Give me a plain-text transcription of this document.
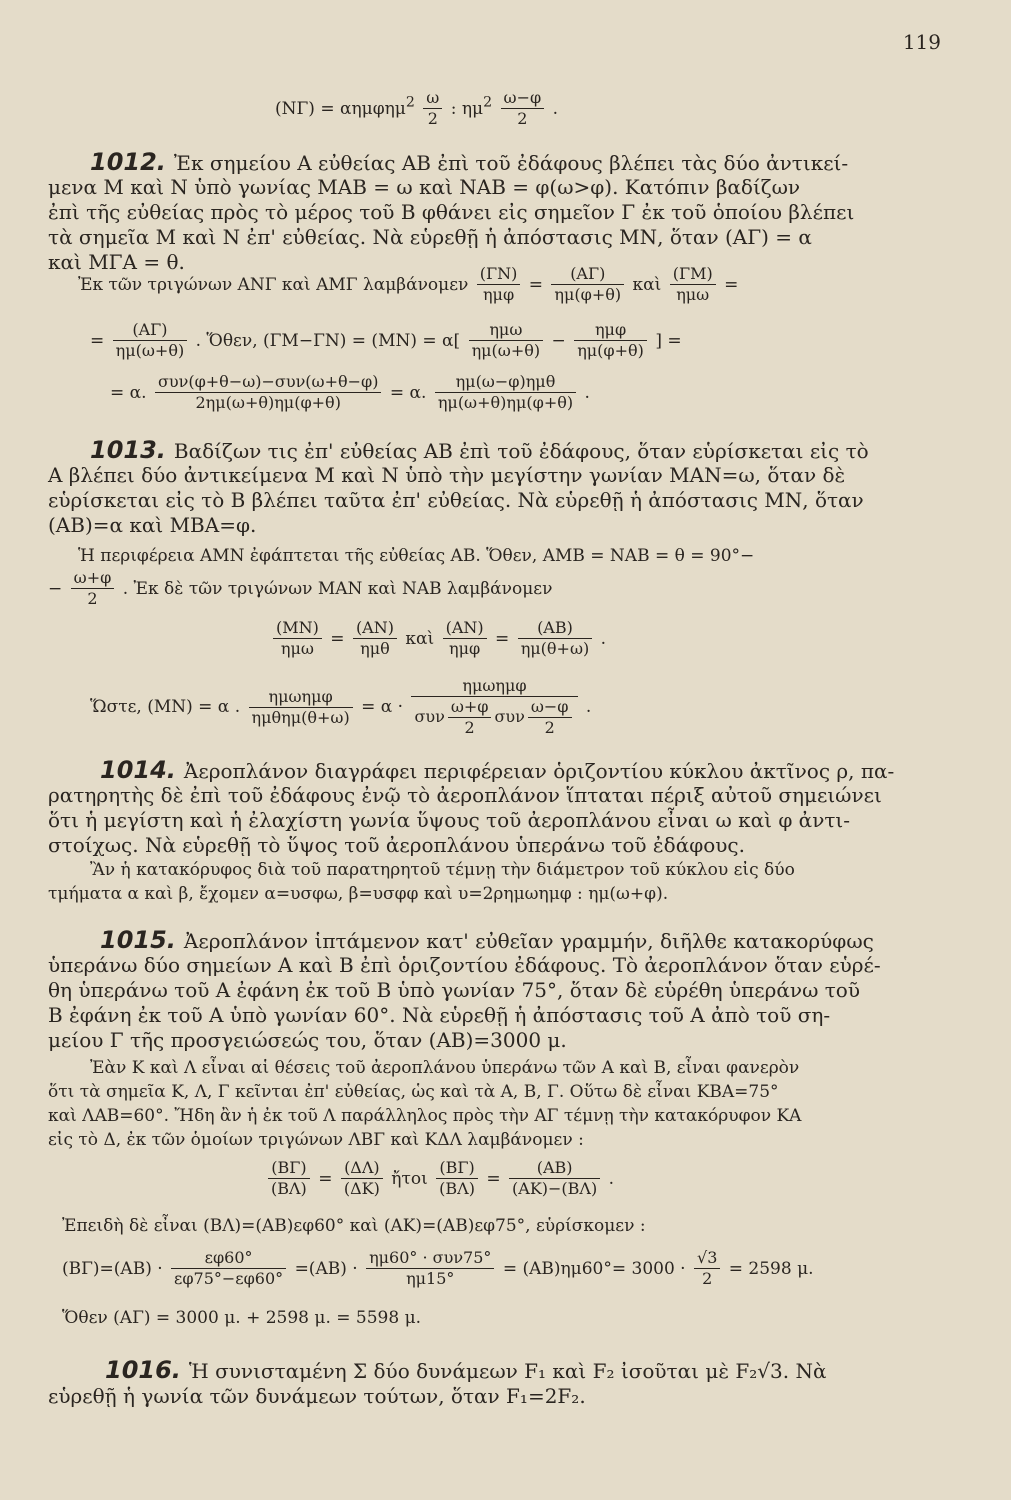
119
$(N\Gamma) = \alpha\eta\mu\varphi\eta\mu^2 \frac{\omega}{2}$ : $\eta\mu^2 \frac{\omega-\varphi}{2}$ .
1012. Ἐκ σημείου Α εὐθείας ΑΒ ἐπὶ τοῦ ἐδάφους βλέπει τὰς δύο ἀντικεί-
μενα Μ καὶ Ν ὑπὸ γωνίας ΜΑΒ = ω καὶ ΝΑΒ = φ(ω>φ). Κατόπιν βαδίζων
ἐπὶ τῆς εὐθείας πρὸς τὸ μέρος τοῦ Β φθάνει εἰς σημεῖον Γ ἐκ τοῦ ὁποίου βλέπει
τὰ σημεῖα Μ καὶ Ν ἐπ' εὐθείας. Νὰ εὑρεθῇ ἡ ἀπόστασις ΜΝ, ὅταν (ΑΓ) = α
καὶ ΜΓΑ = θ.
Ἐκ τῶν τριγώνων ΑΝΓ καὶ ΑΜΓ λαμβάνομεν $\frac{(\Gamma N)}{\text{ημφ}} = \frac{(A\Gamma)}{\eta\mu(\varphi+\theta)}$ καὶ $\frac{(\Gamma M)}{\text{ημω}}$ =
= $\frac{(A\Gamma)}{\eta\mu(\omega+\theta)}$ . Ὅθεν, $(\Gamma M-\Gamma N) = (MN) = \alpha[ \frac{\text{ημω}}{\eta\mu(\omega+\theta)} - \frac{\text{ημφ}}{\eta\mu(\varphi+\theta)}$ ] =
= α. $\frac{\text{συν(φ+θ−ω)−συν(ω+θ−φ)}}{2\eta\mu(\omega+\theta)\eta\mu(\varphi+\theta)} = \alpha$. $\frac{\text{ημ(ω−φ)ημθ}}{\eta\mu(\omega+\theta)\eta\mu(\varphi+\theta)}$ .
1013. Βαδίζων τις ἐπ' εὐθείας ΑΒ ἐπὶ τοῦ ἐδάφους, ὅταν εὑρίσκεται εἰς τὸ
Α βλέπει δύο ἀντικείμενα Μ καὶ Ν ὑπὸ τὴν μεγίστην γωνίαν ΜΑΝ=ω, ὅταν δὲ
εὑρίσκεται εἰς τὸ Β βλέπει ταῦτα ἐπ' εὐθείας. Νὰ εὑρεθῇ ἡ ἀπόστασις ΜΝ, ὅταν
(ΑΒ)=α καὶ ΜΒΑ=φ.
Ἡ περιφέρεια ΑΜΝ ἐφάπτεται τῆς εὐθείας ΑΒ. Ὅθεν, ΑΜΒ = ΝΑΒ = θ = 90°−
− $\frac{\omega+\varphi}{2}$ . Ἐκ δὲ τῶν τριγώνων ΜΑΝ καὶ ΝΑΒ λαμβάνομεν
$\frac{(MN)}{\text{ημω}} = \frac{(AN)}{\text{ημθ}}$ καὶ $\frac{(AN)}{\text{ημφ}} = \frac{(AB)}{\eta\mu(\theta+\omega)}$ .
Ὥστε, (ΜΝ) = α . $\frac{\text{ημωημφ}}{\text{ημθημ(θ+ω)}} = \alpha \cdot \frac{\text{ημωημφ}}{\sigma\upsilon\nu \frac{\omega+\varphi}{2} \sigma\upsilon\nu \frac{\omega-\varphi}{2}}$ .
1014. Ἀεροπλάνον διαγράφει περιφέρειαν ὁριζοντίου κύκλου ἀκτῖνος ρ, πα-
ρατηρητὴς δὲ ἐπὶ τοῦ ἐδάφους ἐνῷ τὸ ἀεροπλάνον ἵπταται πέριξ αὐτοῦ σημειώνει
ὅτι ἡ μεγίστη καὶ ἡ ἐλαχίστη γωνία ὕψους τοῦ ἀεροπλάνου εἶναι ω καὶ φ ἀντι-
στοίχως. Νὰ εὑρεθῇ τὸ ὕψος τοῦ ἀεροπλάνου ὑπεράνω τοῦ ἐδάφους.
Ἂν ἡ κατακόρυφος διὰ τοῦ παρατηρητοῦ τέμνῃ τὴν διάμετρον τοῦ κύκλου εἰς δύο
τμήματα α καὶ β, ἔχομεν α=υσφω, β=υσφφ καὶ υ=2ρημωημφ : ημ(ω+φ).
1015. Ἀεροπλάνον ἱπτάμενον κατ' εὐθεῖαν γραμμήν, διῆλθε κατακορύφως
ὑπεράνω δύο σημείων Α καὶ Β ἐπὶ ὁριζοντίου ἐδάφους. Τὸ ἀεροπλάνον ὅταν εὑρέ-
θη ὑπεράνω τοῦ Α ἐφάνη ἐκ τοῦ Β ὑπὸ γωνίαν 75°, ὅταν δὲ εὑρέθη ὑπεράνω τοῦ
Β ἐφάνη ἐκ τοῦ Α ὑπὸ γωνίαν 60°. Νὰ εὑρεθῇ ἡ ἀπόστασις τοῦ Α ἀπὸ τοῦ ση-
μείου Γ τῆς προσγειώσεώς του, ὅταν (ΑΒ)=3000 μ.
Ἐὰν Κ καὶ Λ εἶναι αἱ θέσεις τοῦ ἀεροπλάνου ὑπεράνω τῶν Α καὶ Β, εἶναι φανερὸν
ὅτι τὰ σημεῖα Κ, Λ, Γ κεῖνται ἐπ' εὐθείας, ὡς καὶ τὰ Α, Β, Γ. Οὕτω δὲ εἶναι ΚΒΑ=75°
καὶ ΛΑΒ=60°. Ἤδη ἂν ἡ ἐκ τοῦ Λ παράλληλος πρὸς τὴν ΑΓ τέμνῃ τὴν κατακόρυφον ΚΑ
εἰς τὸ Δ, ἐκ τῶν ὁμοίων τριγώνων ΛΒΓ καὶ ΚΔΛ λαμβάνομεν :
$\frac{(B\Gamma)}{(B\Lambda)} = \frac{(\Delta\Lambda)}{(\Delta K)}$ ἤτοι $\frac{(B\Gamma)}{(B\Lambda)} = \frac{(AB)}{(AK)-(B\Lambda)}$ .
Ἐπειδὴ δὲ εἶναι (ΒΛ)=(ΑΒ)εφ60° καὶ (ΑΚ)=(ΑΒ)εφ75°, εὑρίσκομεν :
$(B\Gamma)=(AB) \cdot \frac{\varepsilon\varphi 60^\circ}{\varepsilon\varphi 75^\circ-\varepsilon\varphi 60^\circ} =(AB) \cdot \frac{\text{ημ60° · συν75°}}{\eta\mu 15^\circ} = (AB)\eta\mu 60^\circ= 3000 \cdot \frac{√3}{2} = 2598$ μ.
Ὅθεν (ΑΓ) = 3000 μ. + 2598 μ. = 5598 μ.
1016. Ἡ συνισταμένη Σ δύο δυνάμεων F₁ καὶ F₂ ἰσοῦται μὲ F₂√3. Νὰ
εὑρεθῇ ἡ γωνία τῶν δυνάμεων τούτων, ὅταν F₁=2F₂.
